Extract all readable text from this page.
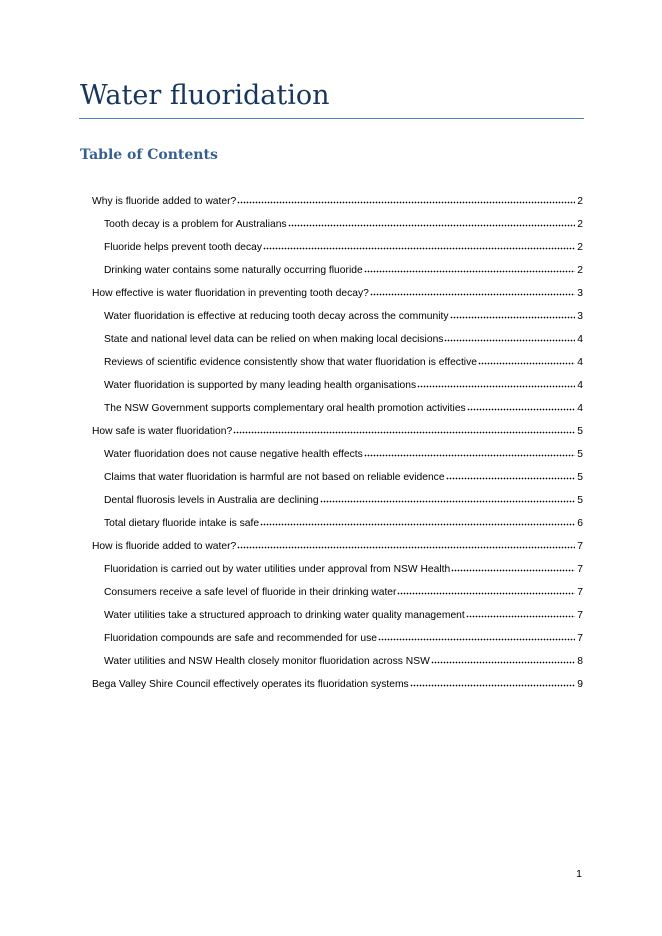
Water fluoridation
Table of Contents
Why is fluoride added to water?	2
Tooth decay is a problem for Australians	2
Fluoride helps prevent tooth decay	2
Drinking water contains some naturally occurring fluoride	2
How effective is water fluoridation in preventing tooth decay?	3
Water fluoridation is effective at reducing tooth decay across the community	3
State and national level data can be relied on when making local decisions	4
Reviews of scientific evidence consistently show that water fluoridation is effective	4
Water fluoridation is supported by many leading health organisations	4
The NSW Government supports complementary oral health promotion activities	4
How safe is water fluoridation?	5
Water fluoridation does not cause negative health effects	5
Claims that water fluoridation is harmful are not based on reliable evidence	5
Dental fluorosis levels in Australia are declining	5
Total dietary fluoride intake is safe	6
How is fluoride added to water?	7
Fluoridation is carried out by water utilities under approval from NSW Health	7
Consumers receive a safe level of fluoride in their drinking water	7
Water utilities take a structured approach to drinking water quality management	7
Fluoridation compounds are safe and recommended for use	7
Water utilities and NSW Health closely monitor fluoridation across NSW	8
Bega Valley Shire Council effectively operates its fluoridation systems	9
1
